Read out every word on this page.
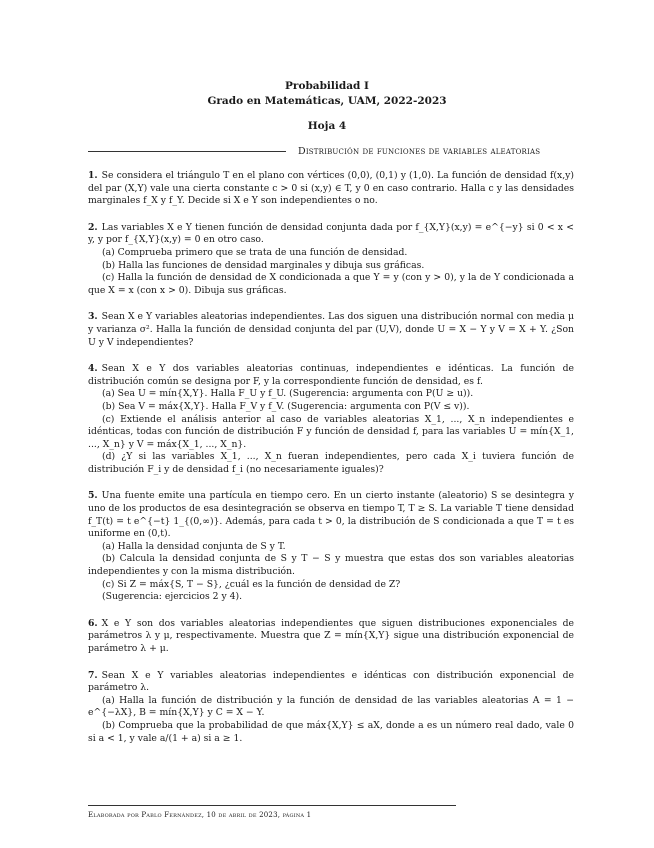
Probabilidad I
Grado en Matemáticas, UAM, 2022-2023
Hoja 4
Distribución de funciones de variables aleatorias

1. Se considera el triángulo T en el plano con vértices (0,0), (0,1) y (1,0). La función de densidad f(x,y) del par (X,Y) vale una cierta constante c > 0 si (x,y) ∈ T, y 0 en caso contrario. Halla c y las densidades marginales f_X y f_Y. Decide si X e Y son independientes o no.

2. Las variables X e Y tienen función de densidad conjunta dada por f_{X,Y}(x,y) = e^{−y} si 0 < x < y, y por f_{X,Y}(x,y) = 0 en otro caso.

(a) Comprueba primero que se trata de una función de densidad.

(b) Halla las funciones de densidad marginales y dibuja sus gráficas.

(c) Halla la función de densidad de X condicionada a que Y = y (con y > 0), y la de Y condicionada a que X = x (con x > 0). Dibuja sus gráficas.

3. Sean X e Y variables aleatorias independientes. Las dos siguen una distribución normal con media μ y varianza σ². Halla la función de densidad conjunta del par (U,V), donde U = X − Y y V = X + Y. ¿Son U y V independientes?

4. Sean X e Y dos variables aleatorias continuas, independientes e idénticas. La función de distribución común se designa por F, y la correspondiente función de densidad, es f.

(a) Sea U = mín{X,Y}. Halla F_U y f_U. (Sugerencia: argumenta con P(U ≥ u)).

(b) Sea V = máx{X,Y}. Halla F_V y f_V. (Sugerencia: argumenta con P(V ≤ v)).

(c) Extiende el análisis anterior al caso de variables aleatorias X_1, ..., X_n independientes e idénticas, todas con función de distribución F y función de densidad f, para las variables U = mín{X_1, ..., X_n} y V = máx{X_1, ..., X_n}.

(d) ¿Y si las variables X_1, ..., X_n fueran independientes, pero cada X_i tuviera función de distribución F_i y de densidad f_i (no necesariamente iguales)?

5. Una fuente emite una partícula en tiempo cero. En un cierto instante (aleatorio) S se desintegra y uno de los productos de esa desintegración se observa en tiempo T, T ≥ S. La variable T tiene densidad f_T(t) = t e^{−t} 1_{(0,∞)}. Además, para cada t > 0, la distribución de S condicionada a que T = t es uniforme en (0,t).

(a) Halla la densidad conjunta de S y T.

(b) Calcula la densidad conjunta de S y T − S y muestra que estas dos son variables aleatorias independientes y con la misma distribución.

(c) Si Z = máx{S, T − S}, ¿cuál es la función de densidad de Z?

(Sugerencia: ejercicios 2 y 4).

6. X e Y son dos variables aleatorias independientes que siguen distribuciones exponenciales de parámetros λ y μ, respectivamente. Muestra que Z = mín{X,Y} sigue una distribución exponencial de parámetro λ + μ.

7. Sean X e Y variables aleatorias independientes e idénticas con distribución exponencial de parámetro λ.

(a) Halla la función de distribución y la función de densidad de las variables aleatorias A = 1 − e^{−λX}, B = mín{X,Y} y C = X − Y.

(b) Comprueba que la probabilidad de que máx{X,Y} ≤ aX, donde a es un número real dado, vale 0 si a < 1, y vale a/(1 + a) si a ≥ 1.

Elaborada por Pablo Fernández, 10 de abril de 2023, página 1
